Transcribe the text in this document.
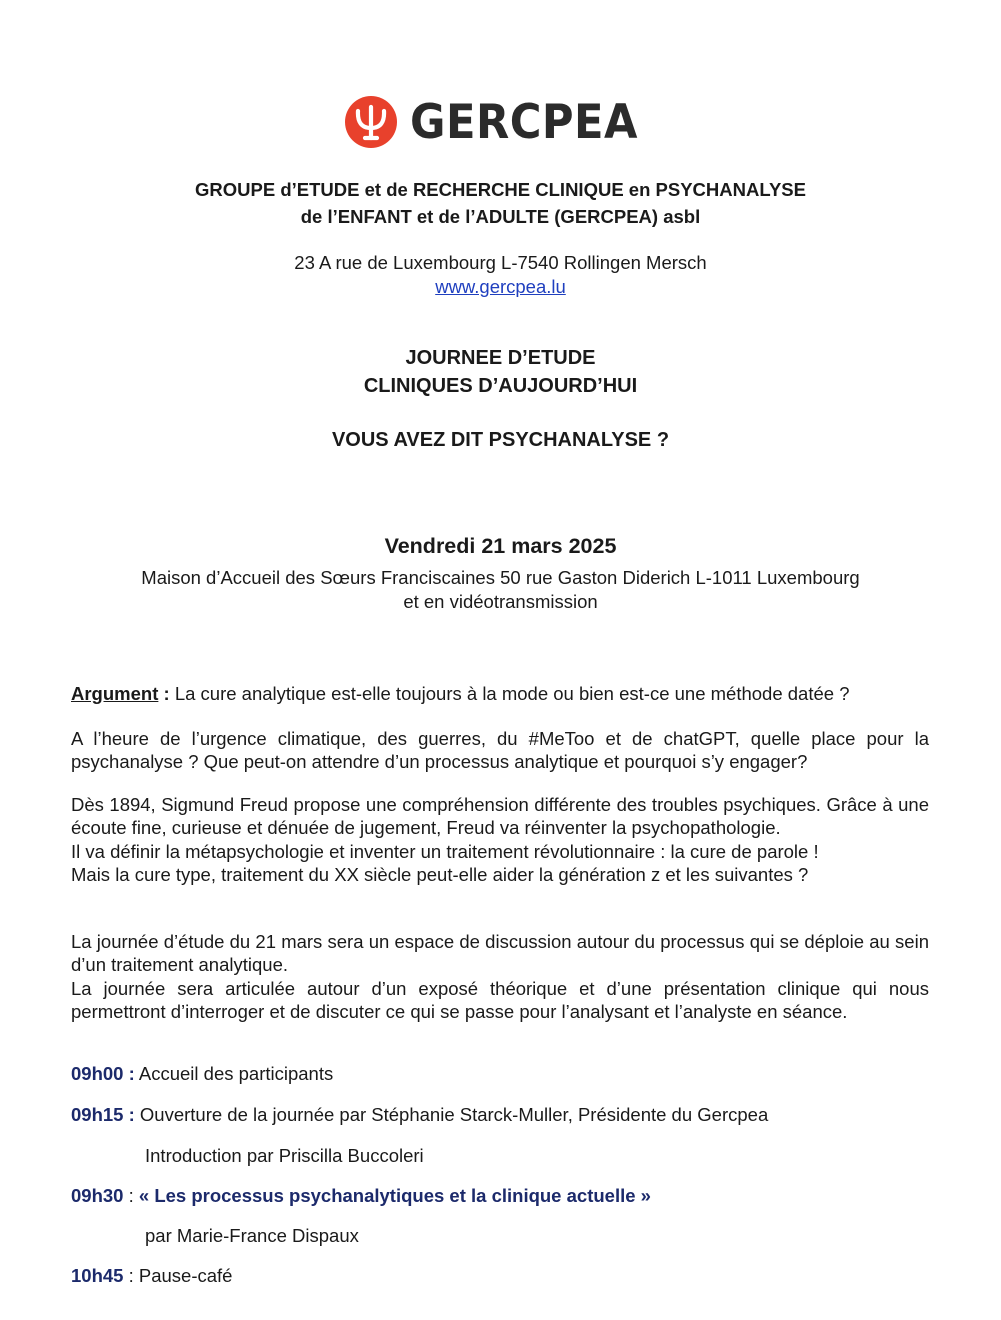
GERCPEA
GROUPE d’ETUDE et de RECHERCHE CLINIQUE en PSYCHANALYSE
de l’ENFANT et de l’ADULTE (GERCPEA) asbl
23 A rue de Luxembourg L-7540 Rollingen Mersch
www.gercpea.lu
JOURNEE D’ETUDE
CLINIQUES D’AUJOURD’HUI
VOUS AVEZ DIT PSYCHANALYSE ?
Vendredi 21 mars 2025
Maison d’Accueil des Sœurs Franciscaines 50 rue Gaston Diderich L-1011 Luxembourg
et en vidéotransmission

Argument : La cure analytique est-elle toujours à la mode ou bien est-ce une méthode datée ?

A l’heure de l’urgence climatique, des guerres, du #MeToo et de chatGPT, quelle place pour la psychanalyse ? Que peut-on attendre d’un processus analytique et pourquoi s’y engager?

Dès 1894, Sigmund Freud propose une compréhension différente des troubles psychiques. Grâce à une écoute fine, curieuse et dénuée de jugement, Freud va réinventer la psychopathologie.

Il va définir la métapsychologie et inventer un traitement révolutionnaire : la cure de parole !

Mais la cure type, traitement du XX siècle peut-elle aider la génération z et les suivantes ?

La journée d’étude du 21 mars sera un espace de discussion autour du processus qui se déploie au sein d’un traitement analytique.

La journée sera articulée autour d’un exposé théorique et d’une présentation clinique qui nous permettront d’interroger et de discuter ce qui se passe pour l’analysant et l’analyste en séance.

09h00 : Accueil des participants
09h15 : Ouverture de la journée par Stéphanie Starck-Muller, Présidente du Gercpea
Introduction par Priscilla Buccoleri
09h30 : « Les processus psychanalytiques et la clinique actuelle »
par Marie-France Dispaux
10h45 : Pause-café
